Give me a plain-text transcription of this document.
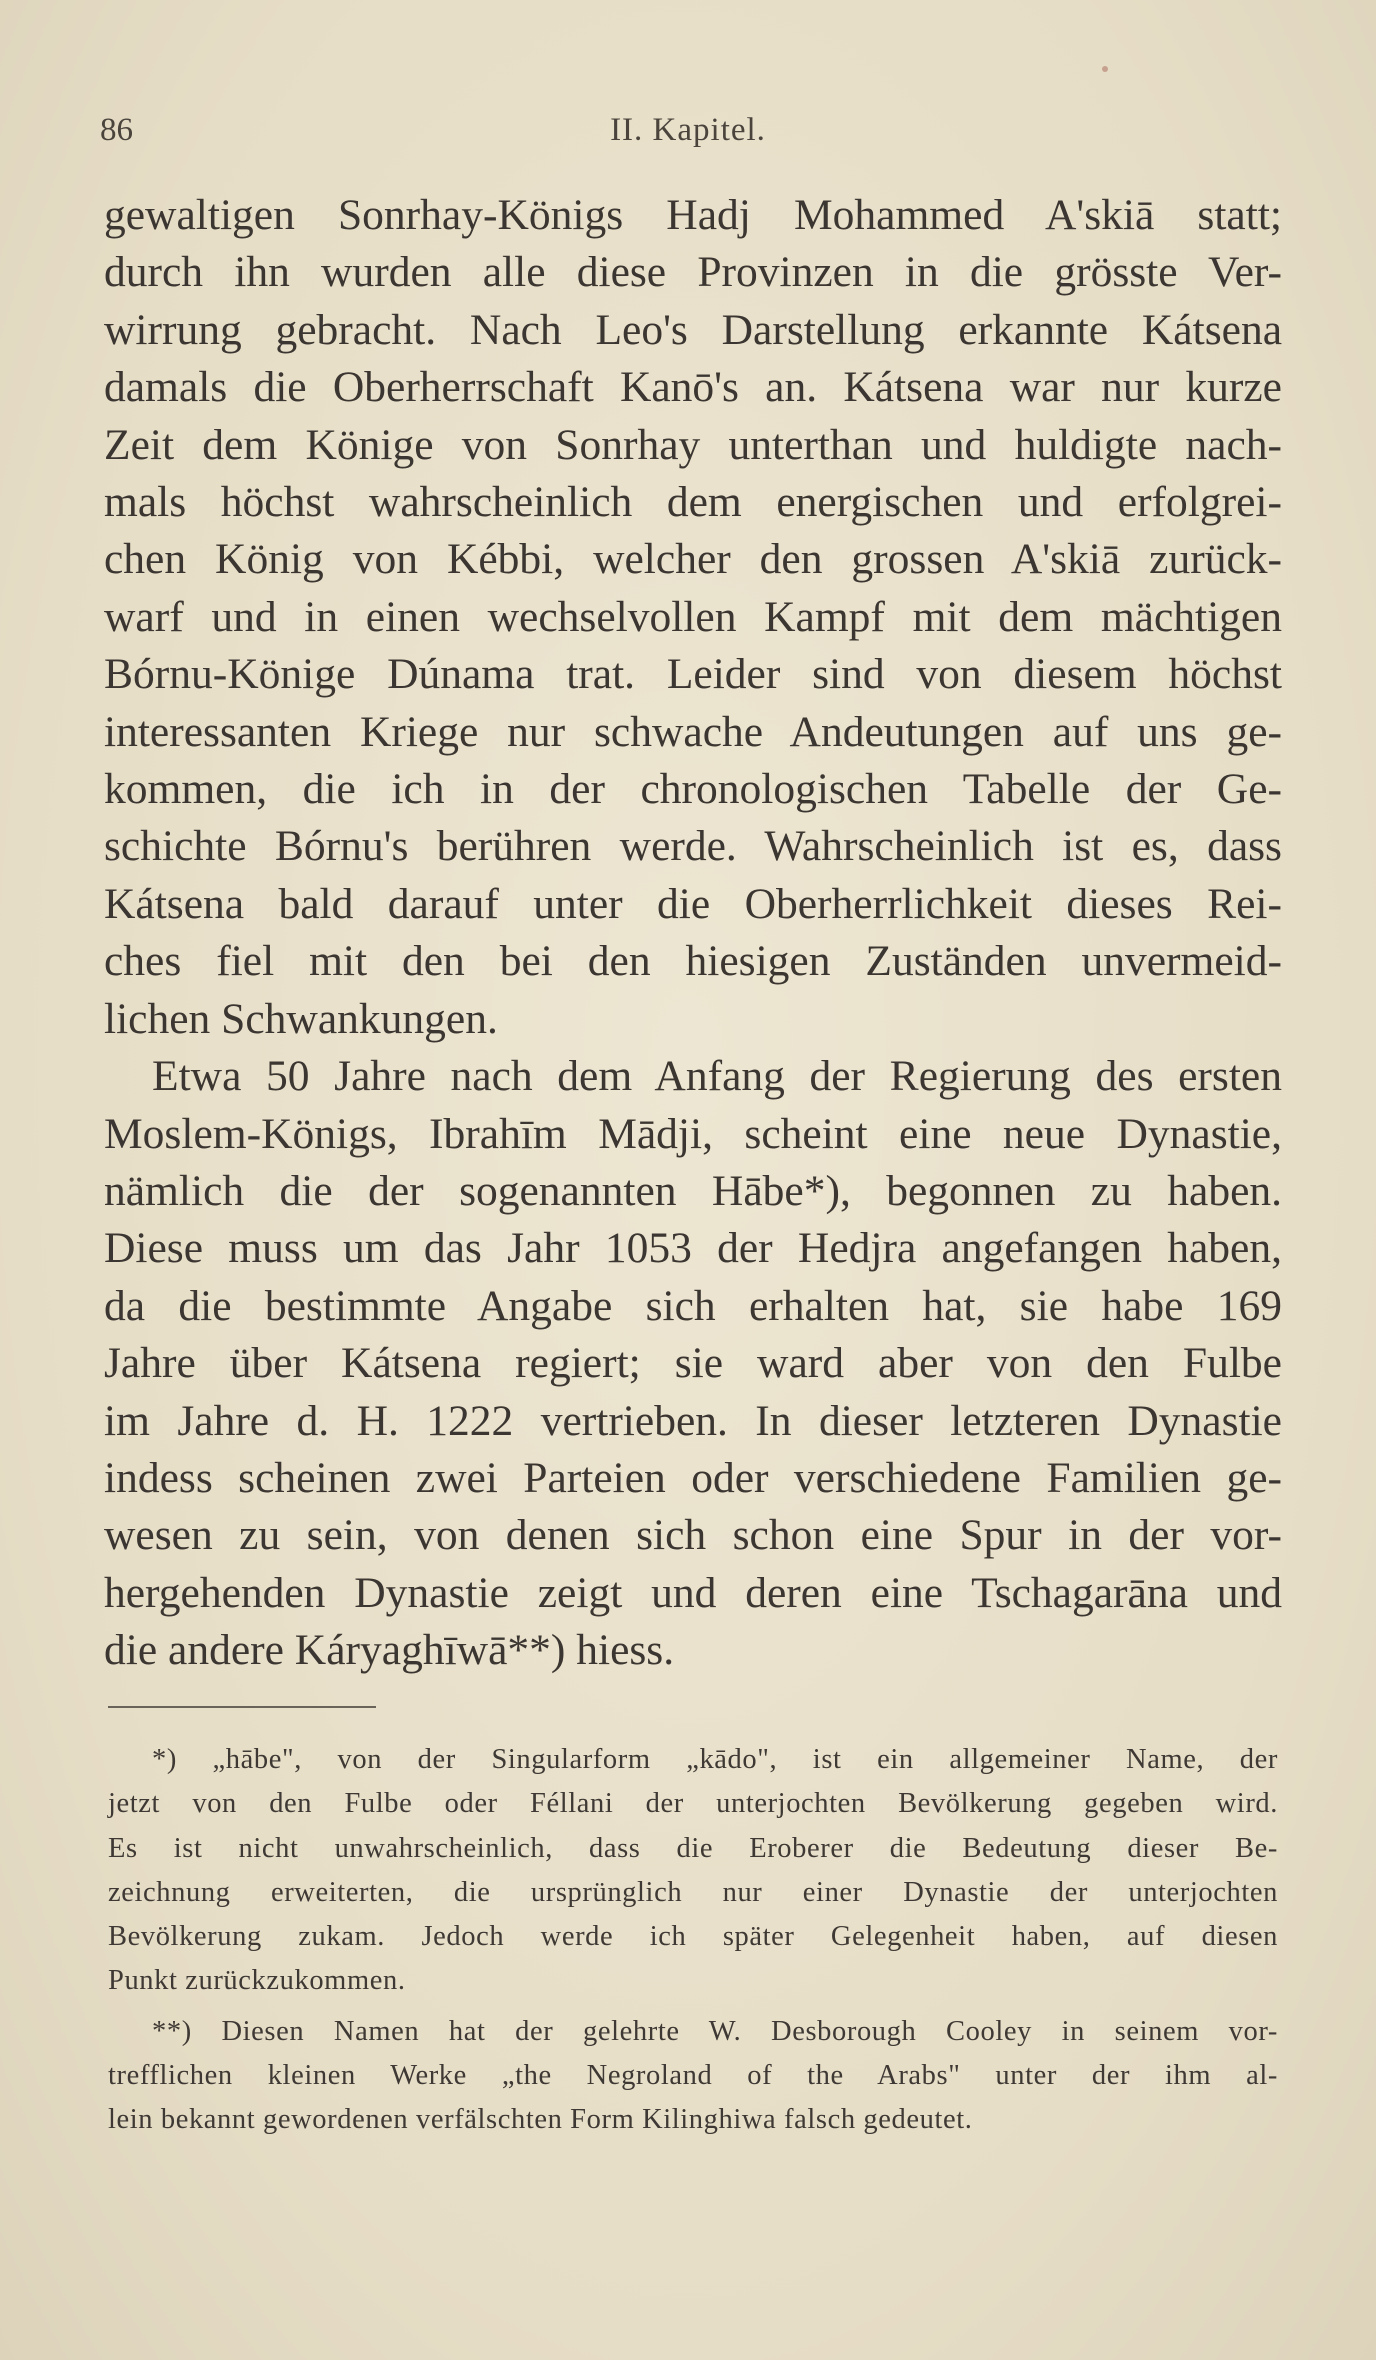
86	II. Kapitel.
gewaltigen Sonrhay-Königs Hadj Mohammed A'skiā statt;
durch ihn wurden alle diese Provinzen in die grösste Ver-
wirrung gebracht. Nach Leo's Darstellung erkannte Kátsena
damals die Oberherrschaft Kanō's an. Kátsena war nur kurze
Zeit dem Könige von Sonrhay unterthan und huldigte nach-
mals höchst wahrscheinlich dem energischen und erfolgrei-
chen König von Kébbi, welcher den grossen A'skiā zurück-
warf und in einen wechselvollen Kampf mit dem mächtigen
Bórnu-Könige Dúnama trat. Leider sind von diesem höchst
interessanten Kriege nur schwache Andeutungen auf uns ge-
kommen, die ich in der chronologischen Tabelle der Ge-
schichte Bórnu's berühren werde. Wahrscheinlich ist es, dass
Kátsena bald darauf unter die Oberherrlichkeit dieses Rei-
ches fiel mit den bei den hiesigen Zuständen unvermeid-
lichen Schwankungen.
Etwa 50 Jahre nach dem Anfang der Regierung des ersten
Moslem-Königs, Ibrahīm Mādji, scheint eine neue Dynastie,
nämlich die der sogenannten Hābe*), begonnen zu haben.
Diese muss um das Jahr 1053 der Hedjra angefangen haben,
da die bestimmte Angabe sich erhalten hat, sie habe 169
Jahre über Kátsena regiert; sie ward aber von den Fulbe
im Jahre d. H. 1222 vertrieben. In dieser letzteren Dynastie
indess scheinen zwei Parteien oder verschiedene Familien ge-
wesen zu sein, von denen sich schon eine Spur in der vor-
hergehenden Dynastie zeigt und deren eine Tschagarāna und
die andere Káryaghīwā**) hiess.
*) „hābe", von der Singularform „kādo", ist ein allgemeiner Name, der
jetzt von den Fulbe oder Féllani der unterjochten Bevölkerung gegeben wird.
Es ist nicht unwahrscheinlich, dass die Eroberer die Bedeutung dieser Be-
zeichnung erweiterten, die ursprünglich nur einer Dynastie der unterjochten
Bevölkerung zukam. Jedoch werde ich später Gelegenheit haben, auf diesen
Punkt zurückzukommen.
**) Diesen Namen hat der gelehrte W. Desborough Cooley in seinem vor-
trefflichen kleinen Werke „the Negroland of the Arabs" unter der ihm al-
lein bekannt gewordenen verfälschten Form Kilinghiwa falsch gedeutet.
